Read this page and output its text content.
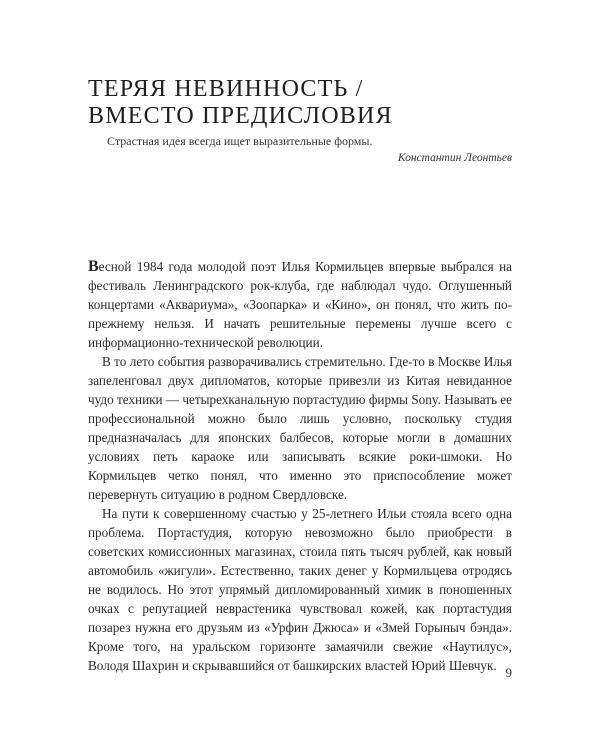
ТЕРЯЯ НЕВИННОСТЬ /
ВМЕСТО ПРЕДИСЛОВИЯ
Страстная идея всегда ищет выразительные формы.
Константин Леонтьев

Весной 1984 года молодой поэт Илья Кормильцев впервые выбрался на фестиваль Ленинградского рок-клуба, где наблюдал чудо. Оглушенный концертами «Аквариума», «Зоопарка» и «Кино», он понял, что жить по-прежнему нельзя. И начать решительные перемены лучше всего с информационно-технической революции.

В то лето события разворачивались стремительно. Где-то в Москве Илья запеленговал двух дипломатов, которые привезли из Китая невиданное чудо техники — четырехканальную портастудию фирмы Sony. Называть ее профессиональной можно было лишь условно, поскольку студия предназначалась для японских балбесов, которые могли в домашних условиях петь караоке или записывать всякие роки-шмоки. Но Кормильцев четко понял, что именно это приспособление может перевернуть ситуацию в родном Свердловске.

На пути к совершенному счастью у 25-летнего Ильи стояла всего одна проблема. Портастудия, которую невозможно было приобрести в советских комиссионных магазинах, стоила пять тысяч рублей, как новый автомобиль «жигули». Естественно, таких денег у Кормильцева отродясь не водилось. Но этот упрямый дипломированный химик в поношенных очках с репутацией неврастеника чувствовал кожей, как портастудия позарез нужна его друзьям из «Урфин Джюса» и «Змей Горыныч бэнда». Кроме того, на уральском горизонте замаячили свежие «Наутилус», Володя Шахрин и скрывавшийся от башкирских властей Юрий Шевчук. 9
